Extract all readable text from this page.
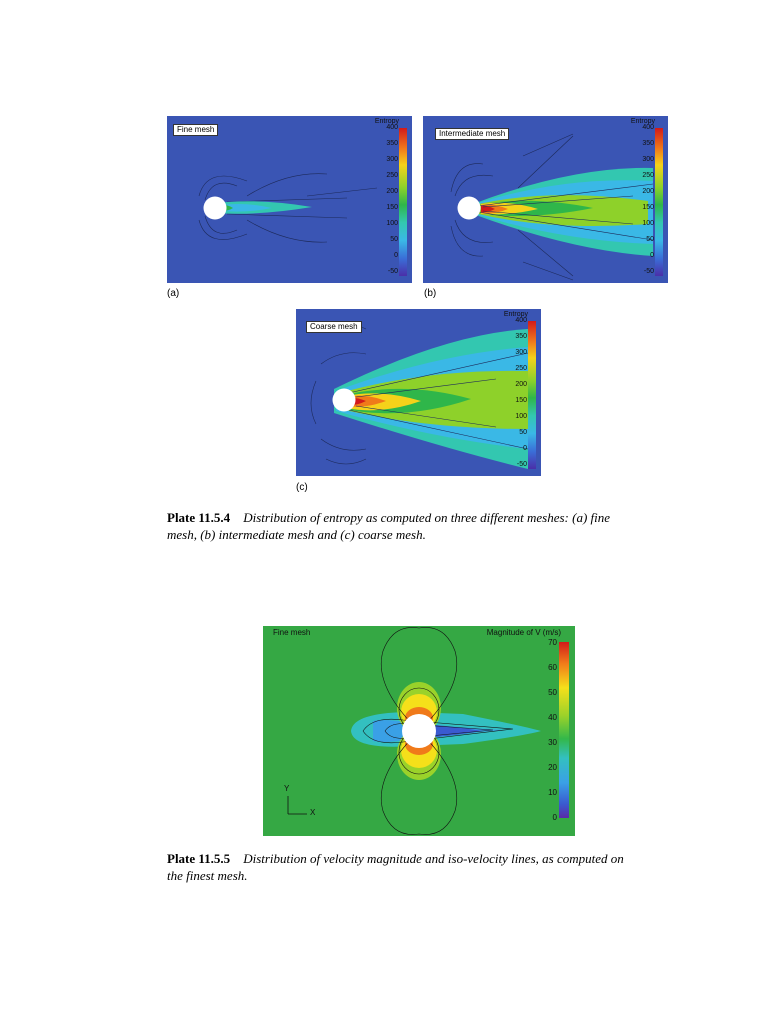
Fine mesh
Entropy
400
350
300
250
200
150
100
50
0
-50
(a)
Intermediate mesh
Entropy
400
350
300
250
200
150
100
50
0
-50
(b)
Coarse mesh
Entropy
400
350
300
250
200
150
100
50
0
-50
(c)
Plate 11.5.4 Distribution of entropy as computed on three different meshes: (a) fine mesh, (b) intermediate mesh and (c) coarse mesh.
Fine mesh	Magnitude of V (m/s)
Y
X
70
60
50
40
30
20
10
0
Plate 11.5.5 Distribution of velocity magnitude and iso-velocity lines, as computed on the finest mesh.
